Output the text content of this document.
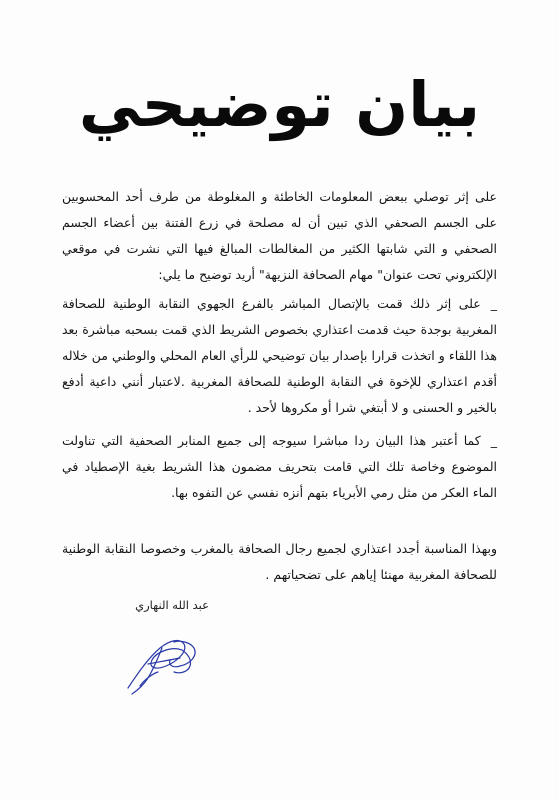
بيان توضيحي
على إثر توصلي ببعض المعلومات الخاطئة و المغلوطة من طرف أحد المحسوبين على الجسم الصحفي الذي تبين أن له مصلحة في زرع الفتنة بين أعضاء الجسم الصحفي و التي شابتها الكثير من المغالطات المبالغ فيها التي نشرت في موقعي الإلكتروني تحت عنوان" مهام الصحافة النزيهة" أريد توضيح ما يلي:
_على إثر ذلك قمت بالإتصال المباشر بالفرع الجهوي النقابة الوطنية للصحافة المغربية بوجدة حيث قدمت اعتذاري بخصوص الشريط الذي قمت بسحبه مباشرة بعد هذا اللقاء و اتخذت قرارا بإصدار بيان توضيحي للرأي العام المحلي والوطني من خلاله أقدم اعتذاري للإخوة في النقابة الوطنية للصحافة المغربية .لاعتبار أنني داعية أدفع بالخير و الحسنى و لا أبتغي شرا أو مكروها لأحد .
_كما أعتبر هذا البيان ردا مباشرا سيوجه إلى جميع المنابر الصحفية التي تناولت الموضوع وخاصة تلك التي قامت بتحريف مضمون هذا الشريط بغية الإصطياد في الماء العكر من مثل رمي الأبرياء بتهم أنزه نفسي عن التفوه بها.
وبهذا المناسبة أجدد اعتذاري لجميع رجال الصحافة بالمغرب وخصوصا النقابة الوطنية للصحافة المغربية مهنئا إياهم على تضحياتهم .
عبد الله النهاري
